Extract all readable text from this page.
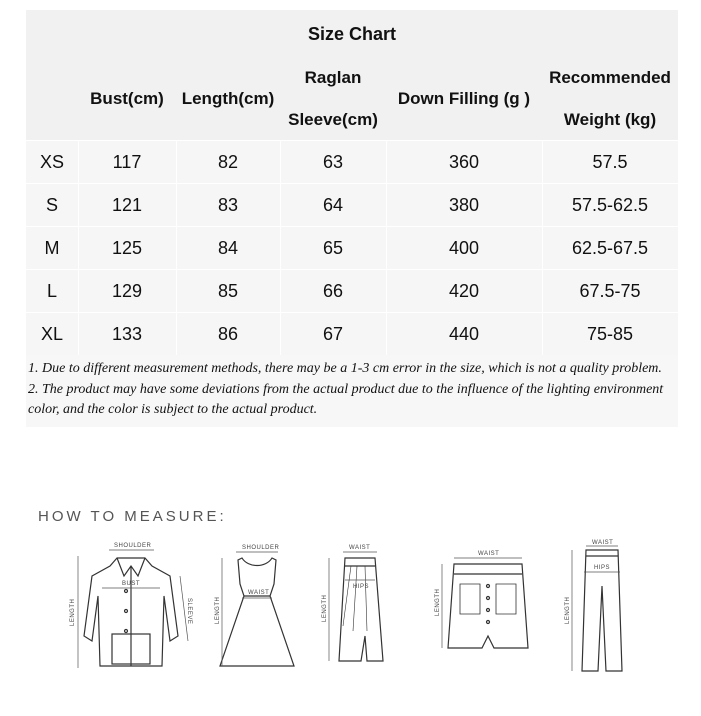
Size Chart
Bust(cm) Length(cm)
Raglan
Sleeve(cm)
Down Filling (g )
Recommended
Weight (kg)
XS	117	82	63	360	57.5
S	121	83	64	380	57.5-62.5
M	125	84	65	400	62.5-67.5
L	129	85	66	420	67.5-75
XL	133	86	67	440	75-85

1. Due to different measurement methods, there may be a 1-3 cm error in the size, which is not a quality problem.

2. The product may have some deviations from the actual product due to the influence of the lighting environment color, and the color is subject to the actual product.

HOW TO MEASURE:
SHOULDER
BUST
LENGTH	SLEEVE
SHOULDER
WAIST
LENGTH
WAIST
HIPS
LENGTH
WAIST
LENGTH
WAIST
HIPS
LENGTH
